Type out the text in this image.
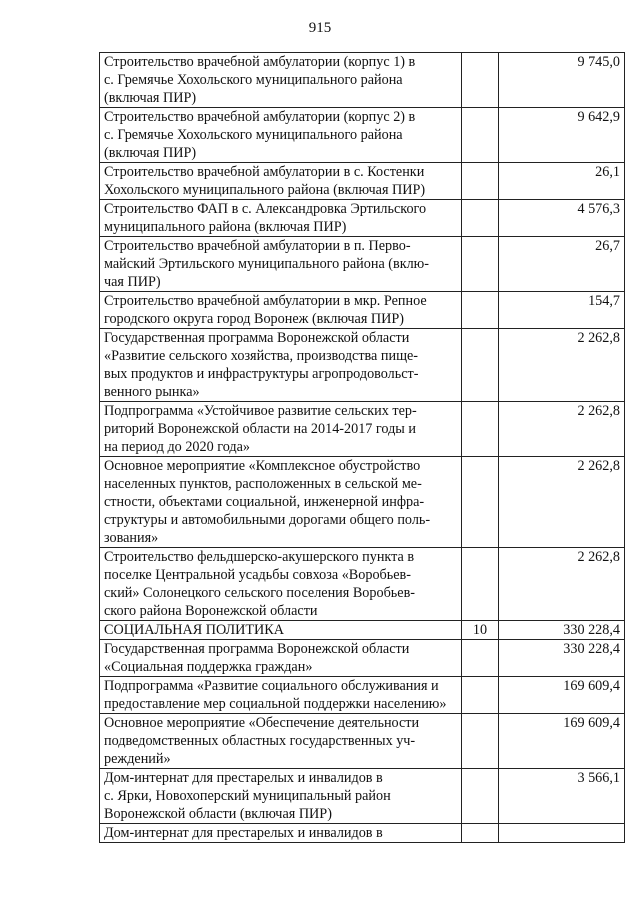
915
Строительство врачебной амбулатории (корпус 1) в
с. Гремячье Хохольского муниципального района
(включая ПИР)		9 745,0

Строительство врачебной амбулатории (корпус 2) в
с. Гремячье Хохольского муниципального района
(включая ПИР)		9 642,9

Строительство врачебной амбулатории в с. Костенки
Хохольского муниципального района (включая ПИР)		26,1

Строительство ФАП в с. Александровка Эртильского
муниципального района (включая ПИР)		4 576,3

Строительство врачебной амбулатории в п. Перво-
майский Эртильского муниципального района (вклю-
чая ПИР)		26,7

Строительство врачебной амбулатории в мкр. Репное
городского округа город Воронеж (включая ПИР)		154,7

Государственная программа Воронежской области
«Развитие сельского хозяйства, производства пище-
вых продуктов и инфраструктуры агропродовольст-
венного рынка»		2 262,8

Подпрограмма «Устойчивое развитие сельских тер-
риторий Воронежской области на 2014-2017 годы и
на период до 2020 года»		2 262,8

Основное мероприятие «Комплексное обустройство
населенных пунктов, расположенных в сельской ме-
стности, объектами социальной, инженерной инфра-
структуры и автомобильными дорогами общего поль-
зования»		2 262,8

Строительство фельдшерско-акушерского пункта в
поселке Центральной усадьбы совхоза «Воробьев-
ский» Солонецкого сельского поселения Воробьев-
ского района Воронежской области		2 262,8

СОЦИАЛЬНАЯ ПОЛИТИКА	10	330 228,4

Государственная программа Воронежской области
«Социальная поддержка граждан»		330 228,4

Подпрограмма «Развитие социального обслуживания и
предоставление мер социальной поддержки населению»		169 609,4

Основное мероприятие «Обеспечение деятельности
подведомственных областных государственных уч-
реждений»		169 609,4

Дом-интернат для престарелых и инвалидов в
с. Ярки, Новохоперский муниципальный район
Воронежской области (включая ПИР)		3 566,1

Дом-интернат для престарелых и инвалидов в		
